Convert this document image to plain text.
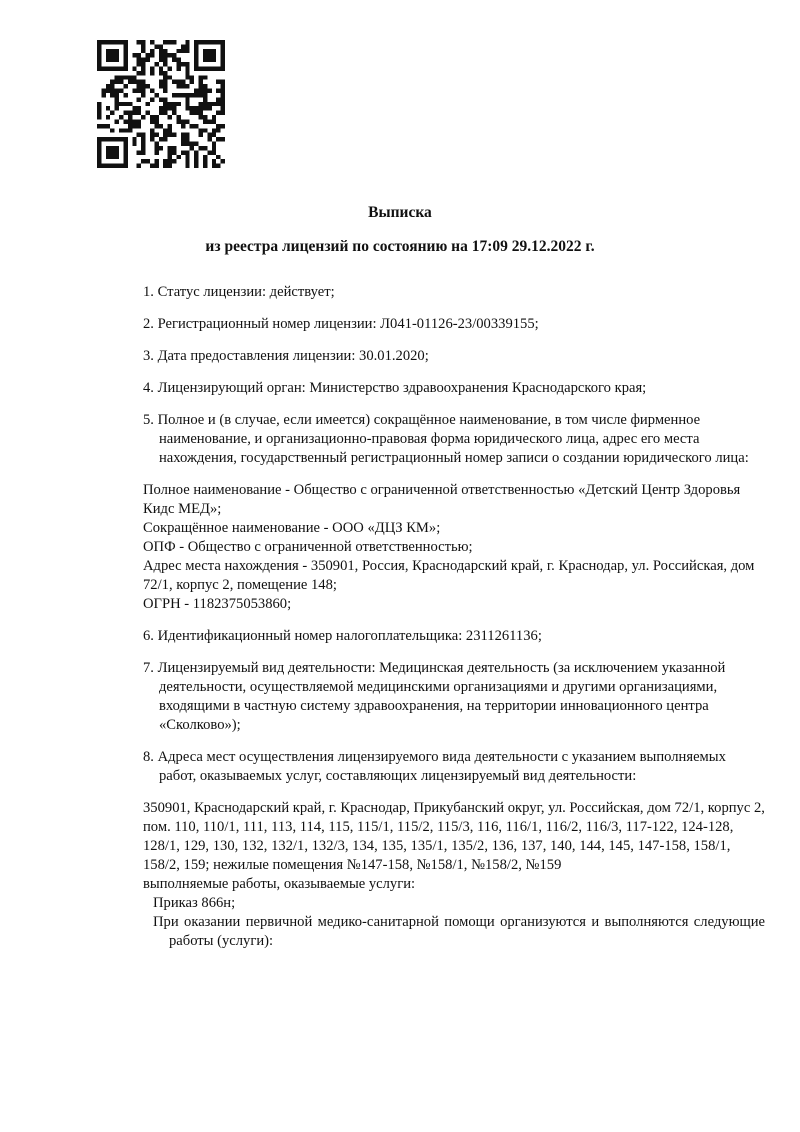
Выписка
из реестра лицензий по состоянию на 17:09 29.12.2022 г.
1. Статус лицензии: действует;
2. Регистрационный номер лицензии: Л041-01126-23/00339155;
3. Дата предоставления лицензии: 30.01.2020;
4. Лицензирующий орган: Министерство здравоохранения Краснодарского края;
5. Полное и (в случае, если имеется) сокращённое наименование, в том числе фирменное наименование, и организационно-правовая форма юридического лица, адрес его места нахождения, государственный регистрационный номер записи о создании юридического лица:
Полное наименование - Общество с ограниченной ответственностью «Детский Центр Здоровья Кидс МЕД»;
Сокращённое наименование - ООО «ДЦЗ КМ»;
ОПФ - Общество с ограниченной ответственностью;
Адрес места нахождения - 350901, Россия, Краснодарский край, г. Краснодар, ул. Российская, дом 72/1, корпус 2, помещение 148;
ОГРН - 1182375053860;
6. Идентификационный номер налогоплательщика: 2311261136;
7. Лицензируемый вид деятельности: Медицинская деятельность (за исключением указанной деятельности, осуществляемой медицинскими организациями и другими организациями, входящими в частную систему здравоохранения, на территории инновационного центра «Сколково»);
8. Адреса мест осуществления лицензируемого вида деятельности с указанием выполняемых работ, оказываемых услуг, составляющих лицензируемый вид деятельности:
350901, Краснодарский край, г. Краснодар, Прикубанский округ, ул. Российская, дом 72/1, корпус 2, пом. 110, 110/1, 111, 113, 114, 115, 115/1, 115/2, 115/3, 116, 116/1, 116/2, 116/3, 117-122, 124-128, 128/1, 129, 130, 132, 132/1, 132/3, 134, 135, 135/1, 135/2, 136, 137, 140, 144, 145, 147-158, 158/1, 158/2, 159; нежилые помещения №147-158, №158/1, №158/2, №159
выполняемые работы, оказываемые услуги:
Приказ 866н;
При оказании первичной медико-санитарной помощи организуются и выполняются следующие работы (услуги):
